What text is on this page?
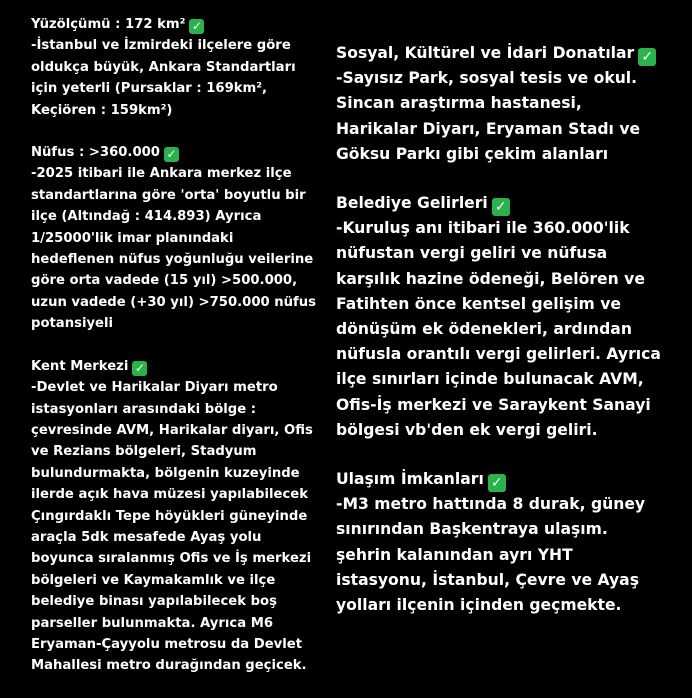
Yüzölçümü : 172 km² ✓
-İstanbul ve İzmirdeki ilçelere göre
oldukça büyük, Ankara Standartları
için yeterli (Pursaklar : 169km²,
Keçiören : 159km²)
Nüfus : >360.000 ✓
-2025 itibari ile Ankara merkez ilçe
standartlarına göre 'orta' boyutlu bir
ilçe (Altındağ : 414.893) Ayrıca
1/25000'lik imar planındaki
hedeflenen nüfus yoğunluğu veilerine
göre orta vadede (15 yıl) >500.000,
uzun vadede (+30 yıl) >750.000 nüfus
potansiyeli
Kent Merkezi ✓
-Devlet ve Harikalar Diyarı metro
istasyonları arasındaki bölge :
çevresinde AVM, Harikalar diyarı, Ofis
ve Rezians bölgeleri, Stadyum
bulundurmakta, bölgenin kuzeyinde
ilerde açık hava müzesi yapılabilecek
Çıngırdaklı Tepe höyükleri güneyinde
araçla 5dk mesafede Ayaş yolu
boyunca sıralanmış Ofis ve İş merkezi
bölgeleri ve Kaymakamlık ve ilçe
belediye binası yapılabilecek boş
parseller bulunmakta. Ayrıca M6
Eryaman-Çayyolu metrosu da Devlet
Mahallesi metro durağından geçicek.
Sosyal, Kültürel ve İdari Donatılar ✓
-Sayısız Park, sosyal tesis ve okul.
Sincan araştırma hastanesi,
Harikalar Diyarı, Eryaman Stadı ve
Göksu Parkı gibi çekim alanları
Belediye Gelirleri ✓
-Kuruluş anı itibari ile 360.000'lik
nüfustan vergi geliri ve nüfusa
karşılık hazine ödeneği, Belören ve
Fatihten önce kentsel gelişim ve
dönüşüm ek ödenekleri, ardından
nüfusla orantılı vergi gelirleri. Ayrıca
ilçe sınırları içinde bulunacak AVM,
Ofis-İş merkezi ve Saraykent Sanayi
bölgesi vb'den ek vergi geliri.
Ulaşım İmkanları ✓
-M3 metro hattında 8 durak, güney
sınırından Başkentraya ulaşım.
şehrin kalanından ayrı YHT
istasyonu, İstanbul, Çevre ve Ayaş
yolları ilçenin içinden geçmekte.
